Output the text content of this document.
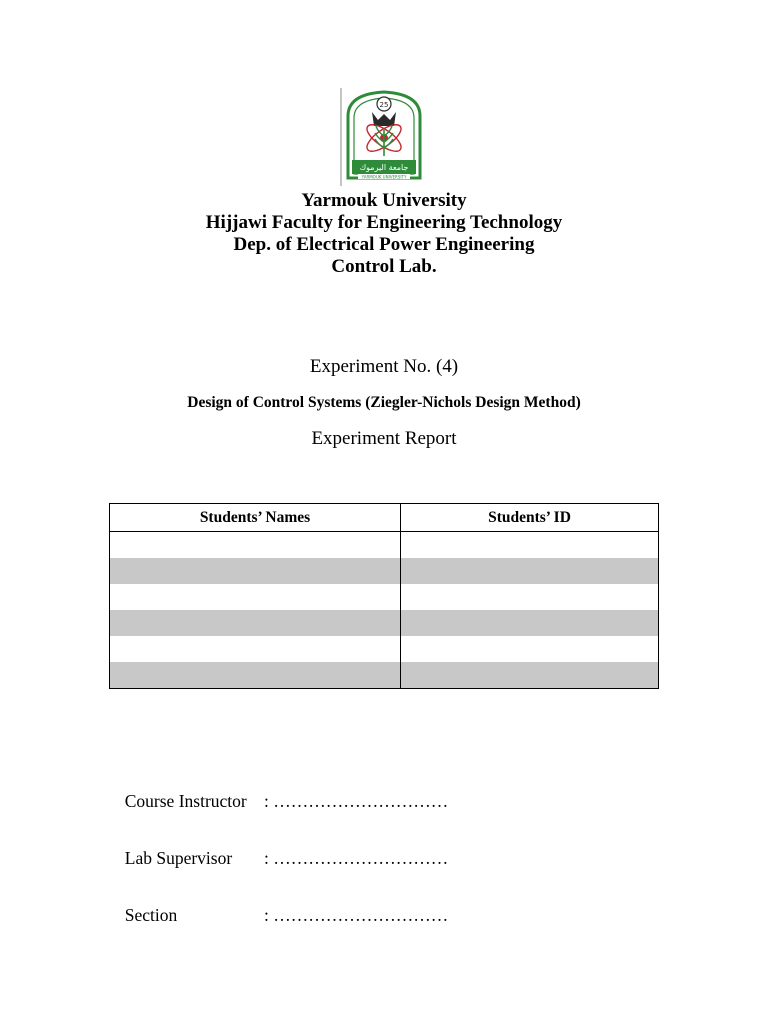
25
جامعة اليرموك
YARMOUK UNIVERSITY
Yarmouk University
Hijjawi Faculty for Engineering Technology
Dep. of Electrical Power Engineering
Control Lab.
Experiment No. (4)
Design of Control Systems (Ziegler-Nichols Design Method)
Experiment Report
Students’ Names	Students’ ID

Course Instructor : …………………………

Lab Supervisor : …………………………

Section	: …………………………
